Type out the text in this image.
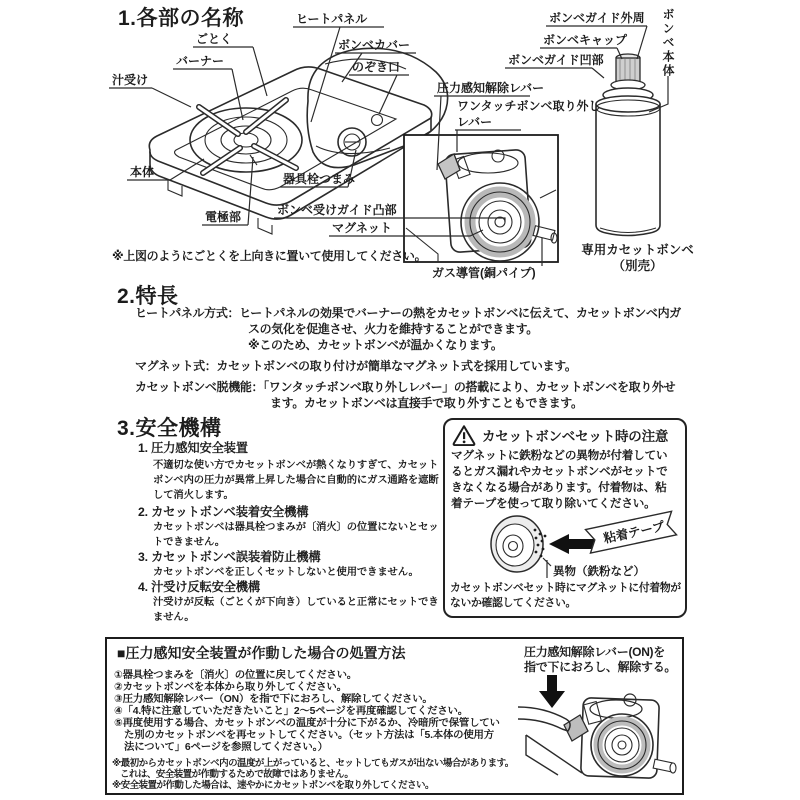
1.各部の名称	ヒートパネル
ごとく
バーナー
汁受け
ボンベカバー
のぞき口
本体	器具栓つまみ
電極部	ボンベ受けガイド凸部
マグネット
圧力感知解除レバー
ワンタッチボンベ取り外し
レバー
ガス導管(銅パイプ)
ボンベガイド外周
ボンベキャップ
ボンベガイド凹部	ボンベ本体
専用カセットボンベ
（別売）
※上図のようにごとくを上向きに置いて使用してください。
2.特長
ヒートパネル方式：ヒートパネルの効果でバーナーの熱をカセットボンベに伝えて、カセットボンベ内ガ
スの気化を促進させ、火力を維持することができます。
※このため、カセットボンベが温かくなります。
マグネット式：カセットボンベの取り付けが簡単なマグネット式を採用しています。
カセットボンベ脱機能：「ワンタッチボンベ取り外しレバー」の搭載により、カセットボンベを取り外せ
ます。カセットボンベは直接手で取り外すこともできます。
3.安全機構
1. 圧力感知安全装置
不適切な使い方でカセットボンベが熱くなりすぎて、カセット
ボンベ内の圧力が異常上昇した場合に自動的にガス通路を遮断
して消火します。
2. カセットボンベ装着安全機構
カセットボンベは器具栓つまみが〔消火〕の位置にないとセッ
トできません。
3. カセットボンベ誤装着防止機構
カセットボンベを正しくセットしないと使用できません。
4. 汁受け反転安全機構
汁受けが反転（ごとくが下向き）していると正常にセットでき
ません。
カセットボンベセット時の注意
マグネットに鉄粉などの異物が付着してい
るとガス漏れやカセットボンベがセットで
きなくなる場合があります。付着物は、粘
着テープを使って取り除いてください。
粘着テープ
異物（鉄粉など）
カセットボンベセット時にマグネットに付着物が
ないか確認してください。
■圧力感知安全装置が作動した場合の処置方法
①器具栓つまみを〔消火〕の位置に戻してください。
②カセットボンベを本体から取り外してください。
③圧力感知解除レバー（ON）を指で下におろし、解除してください。
④「4.特に注意していただきたいこと」2～5ページを再度確認してください。
⑤再度使用する場合、カセットボンベの温度が十分に下がるか、冷暗所で保管してい
た別のカセットボンベを再セットしてください。（セット方法は「5.本体の使用方
法について」6ページを参照してください。）
※最初からカセットボンベ内の温度が上がっていると、セットしてもガスが出ない場合があります。
これは、安全装置が作動するためで故障ではありません。
※安全装置が作動した場合は、速やかにカセットボンベを取り外してください。
圧力感知解除レバー(ON)を
指で下におろし、解除する。
